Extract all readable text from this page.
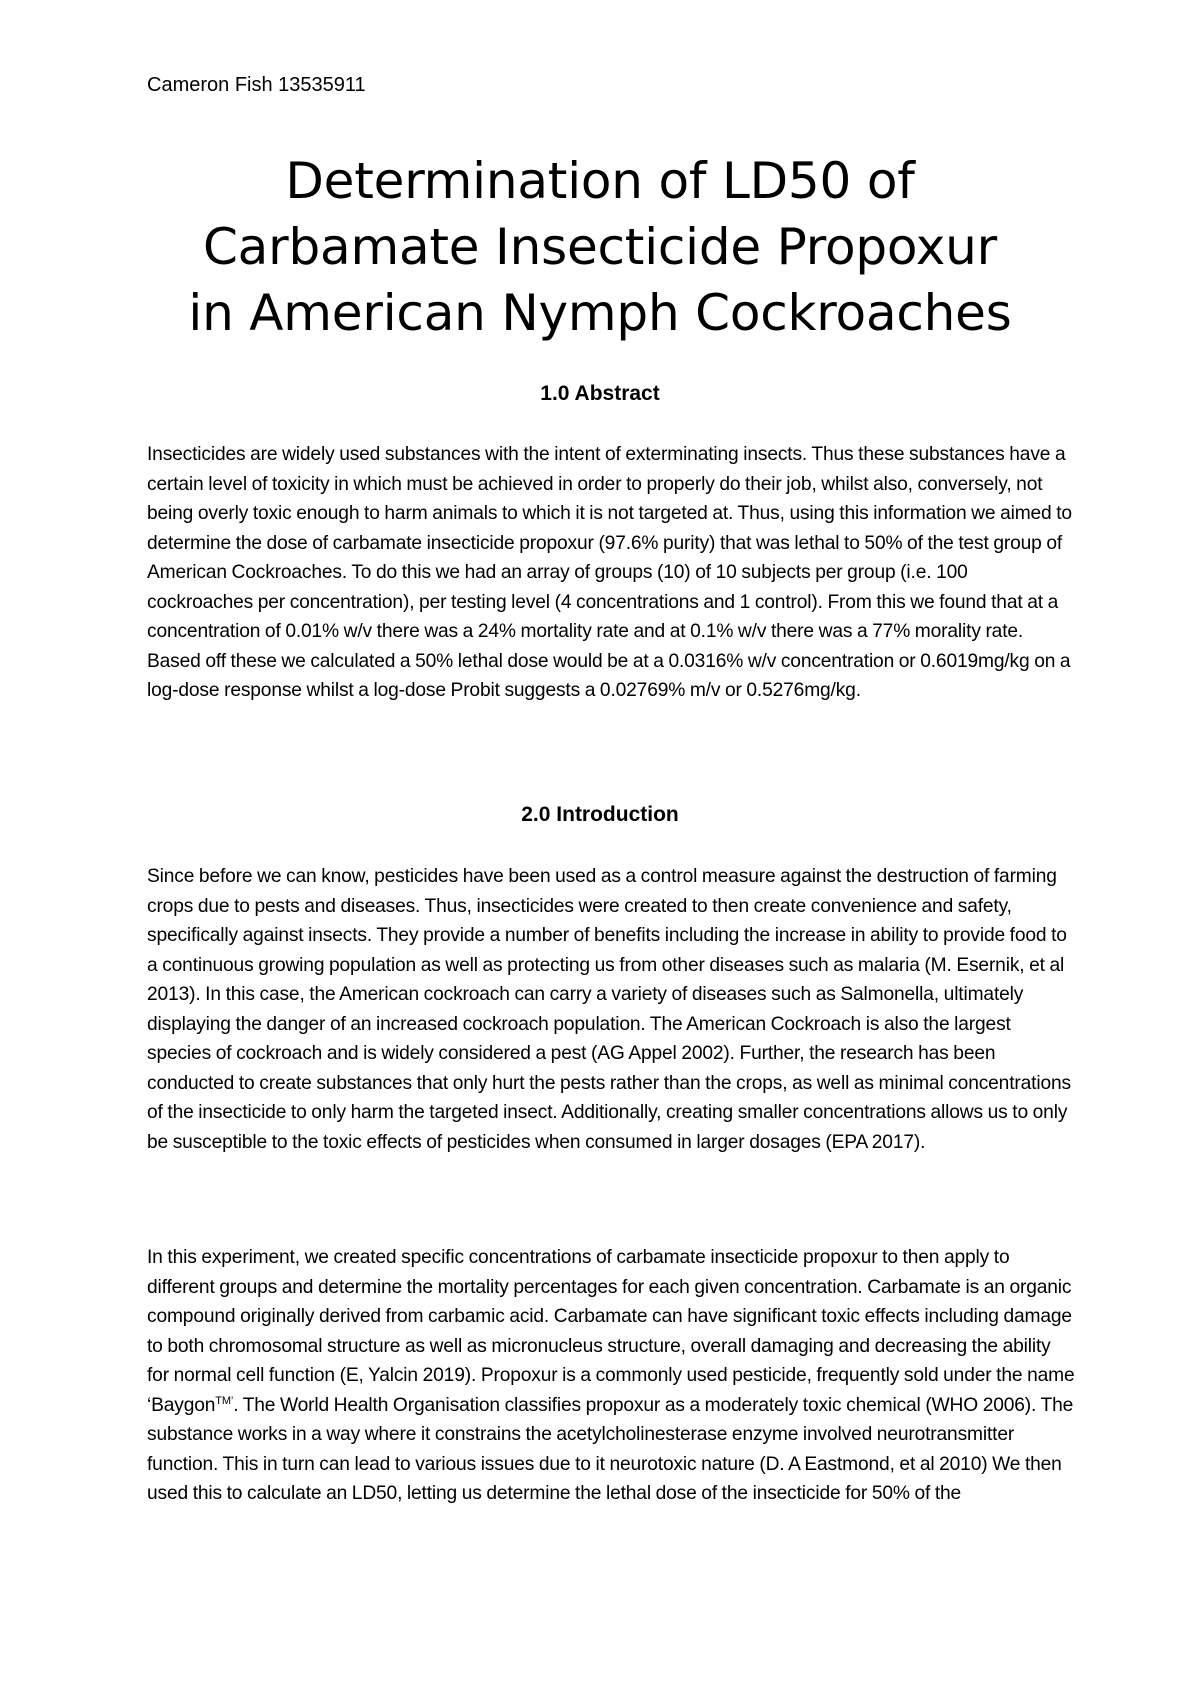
Cameron Fish 13535911
Determination of LD50 of
Carbamate Insecticide Propoxur
in American Nymph Cockroaches
1.0 Abstract

Insecticides are widely used substances with the intent of exterminating insects. Thus these substances have a certain level of toxicity in which must be achieved in order to properly do their job, whilst also, conversely, not being overly toxic enough to harm animals to which it is not targeted at. Thus, using this information we aimed to determine the dose of carbamate insecticide propoxur (97.6% purity) that was lethal to 50% of the test group of American Cockroaches. To do this we had an array of groups (10) of 10 subjects per group (i.e. 100 cockroaches per concentration), per testing level (4 concentrations and 1 control). From this we found that at a concentration of 0.01% w/v there was a 24% mortality rate and at 0.1% w/v there was a 77% morality rate. Based off these we calculated a 50% lethal dose would be at a 0.0316% w/v concentration or 0.6019mg/kg on a log-dose response whilst a log-dose Probit suggests a 0.02769% m/v or 0.5276mg/kg.

2.0 Introduction

Since before we can know, pesticides have been used as a control measure against the destruction of farming crops due to pests and diseases. Thus, insecticides were created to then create convenience and safety, specifically against insects. They provide a number of benefits including the increase in ability to provide food to a continuous growing population as well as protecting us from other diseases such as malaria (M. Esernik, et al 2013). In this case, the American cockroach can carry a variety of diseases such as Salmonella, ultimately displaying the danger of an increased cockroach population. The American Cockroach is also the largest species of cockroach and is widely considered a pest (AG Appel 2002). Further, the research has been conducted to create substances that only hurt the pests rather than the crops, as well as minimal concentrations of the insecticide to only harm the targeted insect. Additionally, creating smaller concentrations allows us to only be susceptible to the toxic effects of pesticides when consumed in larger dosages (EPA 2017).

In this experiment, we created specific concentrations of carbamate insecticide propoxur to then apply to different groups and determine the mortality percentages for each given concentration. Carbamate is an organic compound originally derived from carbamic acid. Carbamate can have significant toxic effects including damage to both chromosomal structure as well as micronucleus structure, overall damaging and decreasing the ability for normal cell function (E, Yalcin 2019). Propoxur is a commonly used pesticide, frequently sold under the name ‘Baygon$^{TM’}$. The World Health Organisation classifies propoxur as a moderately toxic chemical (WHO 2006). The substance works in a way where it constrains the acetylcholinesterase enzyme involved neurotransmitter function. This in turn can lead to various issues due to it neurotoxic nature (D. A Eastmond, et al 2010) We then used this to calculate an LD50, letting us determine the lethal dose of the insecticide for 50% of the
